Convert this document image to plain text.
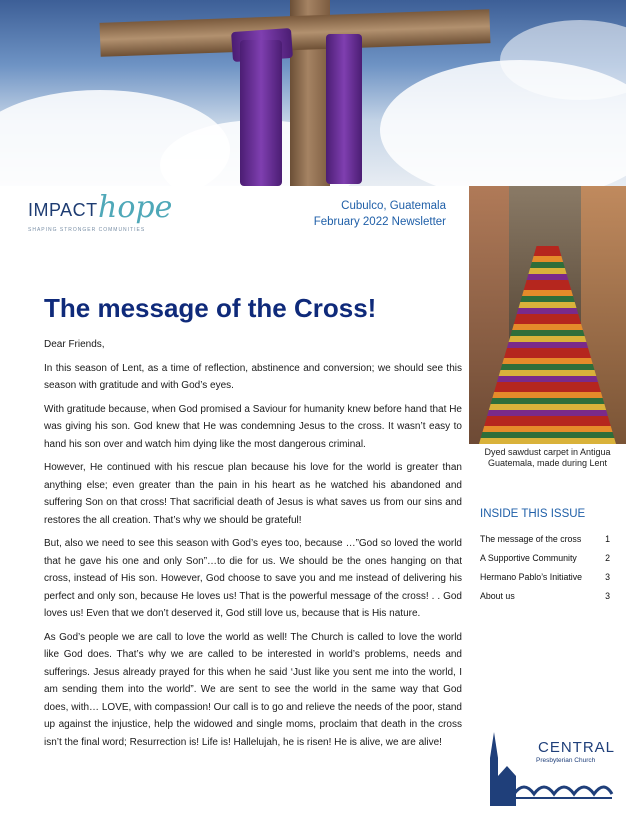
IMPACT hope
SHAPING STRONGER COMMUNITIES
Cubulco, Guatemala
February 2022 Newsletter
Dyed sawdust carpet in Antigua Guatemala, made during Lent
The message of the Cross!

Dear Friends,

In this season of Lent, as a time of reflection, abstinence and conversion; we should see this season with gratitude and with God’s eyes.

With gratitude because, when God promised a Saviour for humanity knew before hand that He was giving his son. God knew that He was condemning Jesus to the cross. It wasn’t easy to hand his son over and watch him dying like the most dangerous criminal.

However, He continued with his rescue plan because his love for the world is greater than anything else; even greater than the pain in his heart as he watched his abandoned and suffering Son on that cross! That sacrificial death of Jesus is what saves us from our sins and restores the all creation. That’s why we should be grateful!

But, also we need to see this season with God’s eyes too, because …”God so loved the world that he gave his one and only Son”…to die for us. We should be the ones hanging on that cross, instead of His son. However, God choose to save you and me instead of delivering his perfect and only son, because He loves us! That is the powerful message of the cross! . . God loves us! Even that we don’t deserved it, God still love us, because that is His nature.

As God’s people we are call to love the world as well! The Church is called to love the world like God does. That’s why we are called to be interested in world’s problems, needs and sufferings. Jesus already prayed for this when he said ‘Just like you sent me into the world, I am sending them into the world”. We are sent to see the world in the same way that God does, with… LOVE, with compassion! Our call is to go and relieve the needs of the poor, stand up against the injustice, help the widowed and single moms, proclaim that death in the cross isn’t the final word; Resurrection is! Life is! Hallelujah, he is risen! He is alive, we are alive!

INSIDE THIS ISSUE
The message of the cross	1
A Supportive Community	2
Hermano Pablo’s Initiative	3
About us	3
CENTRAL
Presbyterian Church
